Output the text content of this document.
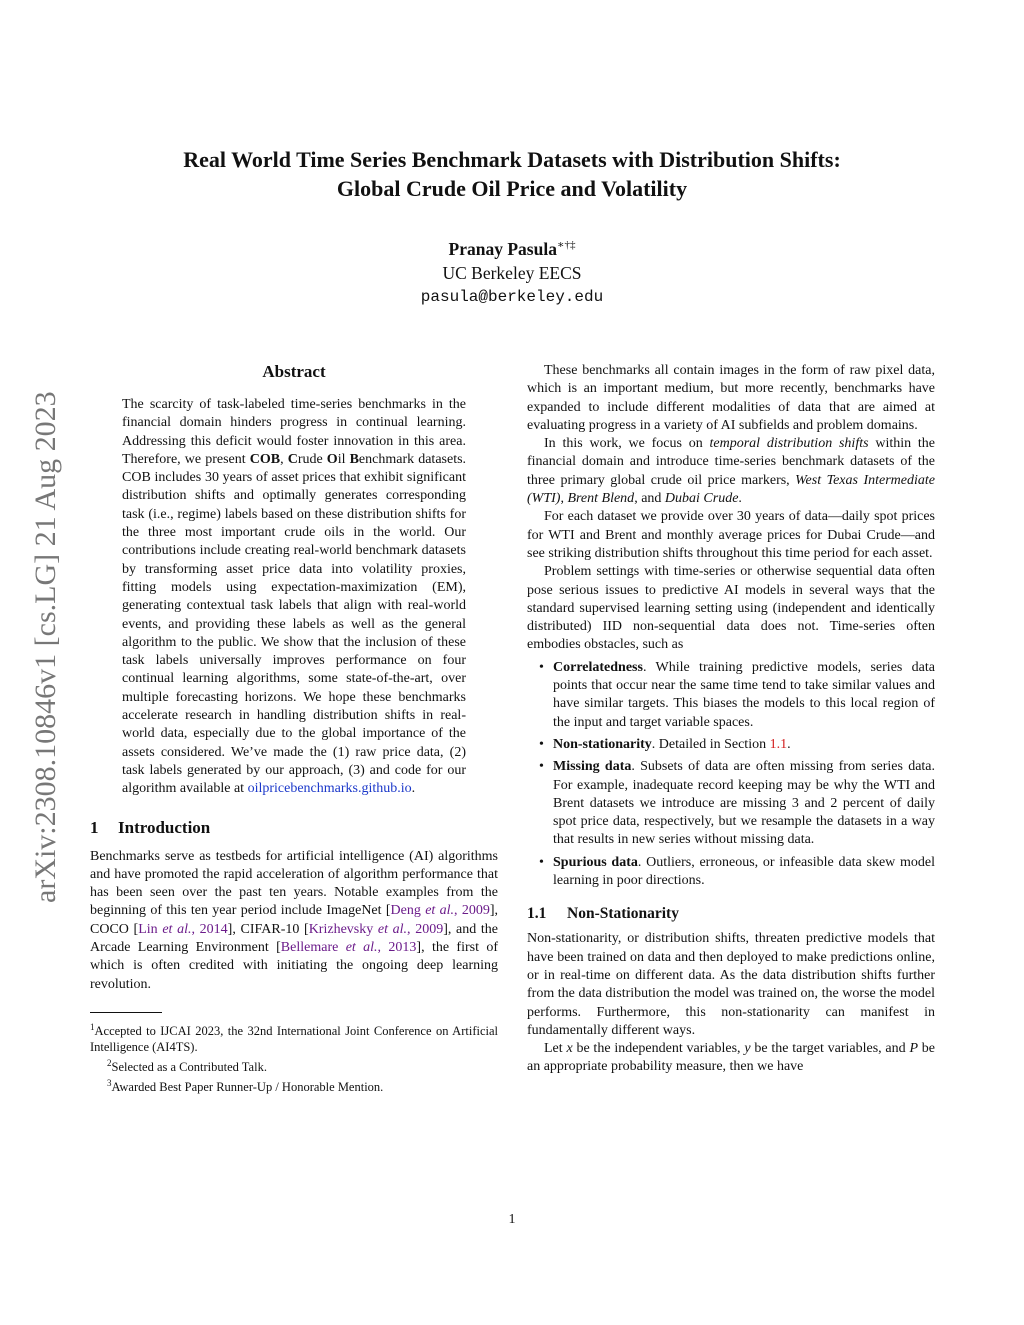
Real World Time Series Benchmark Datasets with Distribution Shifts:
Global Crude Oil Price and Volatility
Pranay Pasula∗†‡
UC Berkeley EECS
pasula@berkeley.edu
arXiv:2308.10846v1 [cs.LG] 21 Aug 2023
Abstract

The scarcity of task-labeled time-series benchmarks in the financial domain hinders progress in continual learning. Addressing this deficit would foster innovation in this area. Therefore, we present COB, Crude Oil Benchmark datasets. COB includes 30 years of asset prices that exhibit significant distribution shifts and optimally generates corresponding task (i.e., regime) labels based on these distribution shifts for the three most important crude oils in the world. Our contributions include creating real-world benchmark datasets by transforming asset price data into volatility proxies, fitting models using expectation-maximization (EM), generating contextual task labels that align with real-world events, and providing these labels as well as the general algorithm to the public. We show that the inclusion of these task labels universally improves performance on four continual learning algorithms, some state-of-the-art, over multiple forecasting horizons. We hope these benchmarks accelerate research in handling distribution shifts in real-world data, especially due to the global importance of the assets considered. We’ve made the (1) raw price data, (2) task labels generated by our approach, (3) and code for our algorithm available at oilpricebenchmarks.github.io.

1 Introduction

Benchmarks serve as testbeds for artificial intelligence (AI) algorithms and have promoted the rapid acceleration of algorithm performance that has been seen over the past ten years. Notable examples from the beginning of this ten year period include ImageNet [Deng et al., 2009], COCO [Lin et al., 2014], CIFAR-10 [Krizhevsky et al., 2009], and the Arcade Learning Environment [Bellemare et al., 2013], the first of which is often credited with initiating the ongoing deep learning revolution.

$^1$Accepted to IJCAI 2023, the 32nd International Joint Conference on Artificial Intelligence (AI4TS).

$^2$Selected as a Contributed Talk.

$^3$Awarded Best Paper Runner-Up / Honorable Mention.

These benchmarks all contain images in the form of raw pixel data, which is an important medium, but more recently, benchmarks have expanded to include different modalities of data that are aimed at evaluating progress in a variety of AI subfields and problem domains.

In this work, we focus on temporal distribution shifts within the financial domain and introduce time-series benchmark datasets of the three primary global crude oil price markers, West Texas Intermediate (WTI), Brent Blend, and Dubai Crude.

For each dataset we provide over 30 years of data—daily spot prices for WTI and Brent and monthly average prices for Dubai Crude—and see striking distribution shifts throughout this time period for each asset.

Problem settings with time-series or otherwise sequential data often pose serious issues to predictive AI models in several ways that the standard supervised learning setting using (independent and identically distributed) IID non-sequential data does not. Time-series often embodies obstacles, such as

• Correlatedness. While training predictive models, series data points that occur near the same time tend to take similar values and have similar targets. This biases the models to this local region of the input and target variable spaces.
• Non-stationarity. Detailed in Section 1.1.
• Missing data. Subsets of data are often missing from series data. For example, inadequate record keeping may be why the WTI and Brent datasets we introduce are missing 3 and 2 percent of daily spot price data, respectively, but we resample the datasets in a way that results in new series without missing data.
• Spurious data. Outliers, erroneous, or infeasible data skew model learning in poor directions.
1.1 Non-Stationarity

Non-stationarity, or distribution shifts, threaten predictive models that have been trained on data and then deployed to make predictions online, or in real-time on different data. As the data distribution shifts further from the data distribution the model was trained on, the worse the model performs. Furthermore, this non-stationarity can manifest in fundamentally different ways.

Let x be the independent variables, y be the target variables, and P be an appropriate probability measure, then we have

1
